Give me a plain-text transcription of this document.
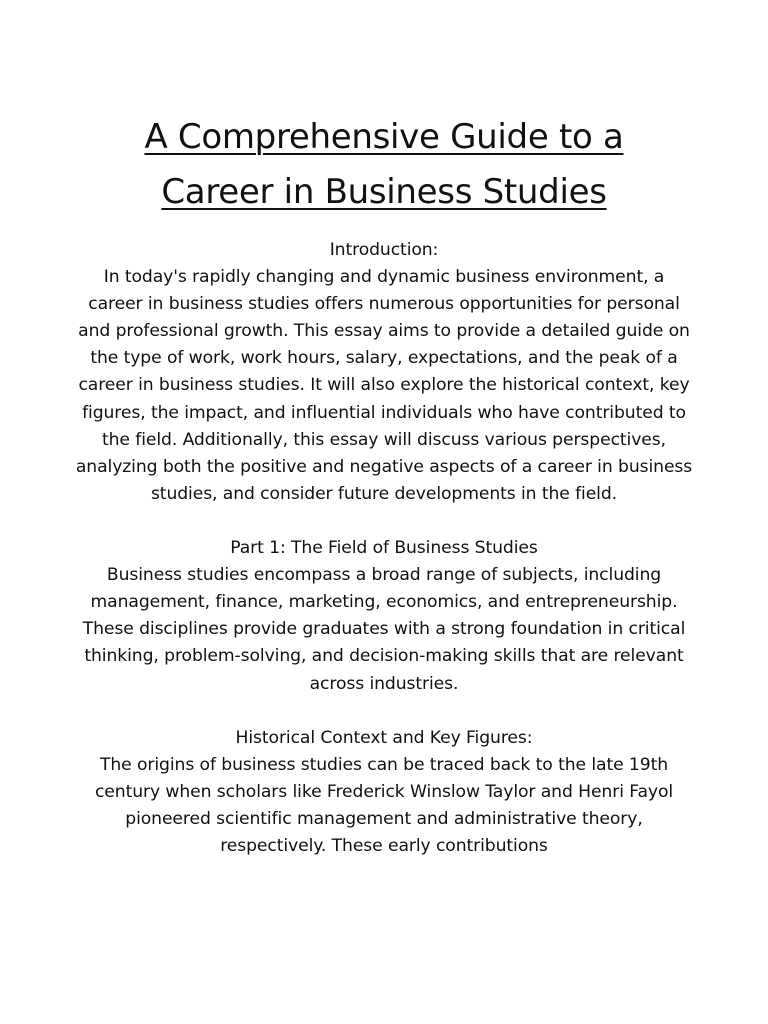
A Comprehensive Guide to a Career in Business Studies

Introduction:

In today's rapidly changing and dynamic business environment, a career in business studies offers numerous opportunities for personal and professional growth. This essay aims to provide a detailed guide on the type of work, work hours, salary, expectations, and the peak of a career in business studies. It will also explore the historical context, key figures, the impact, and influential individuals who have contributed to the field. Additionally, this essay will discuss various perspectives, analyzing both the positive and negative aspects of a career in business studies, and consider future developments in the field.

Part 1: The Field of Business Studies

Business studies encompass a broad range of subjects, including management, finance, marketing, economics, and entrepreneurship. These disciplines provide graduates with a strong foundation in critical thinking, problem-solving, and decision-making skills that are relevant across industries.

Historical Context and Key Figures:

The origins of business studies can be traced back to the late 19th century when scholars like Frederick Winslow Taylor and Henri Fayol pioneered scientific management and administrative theory, respectively. These early contributions
